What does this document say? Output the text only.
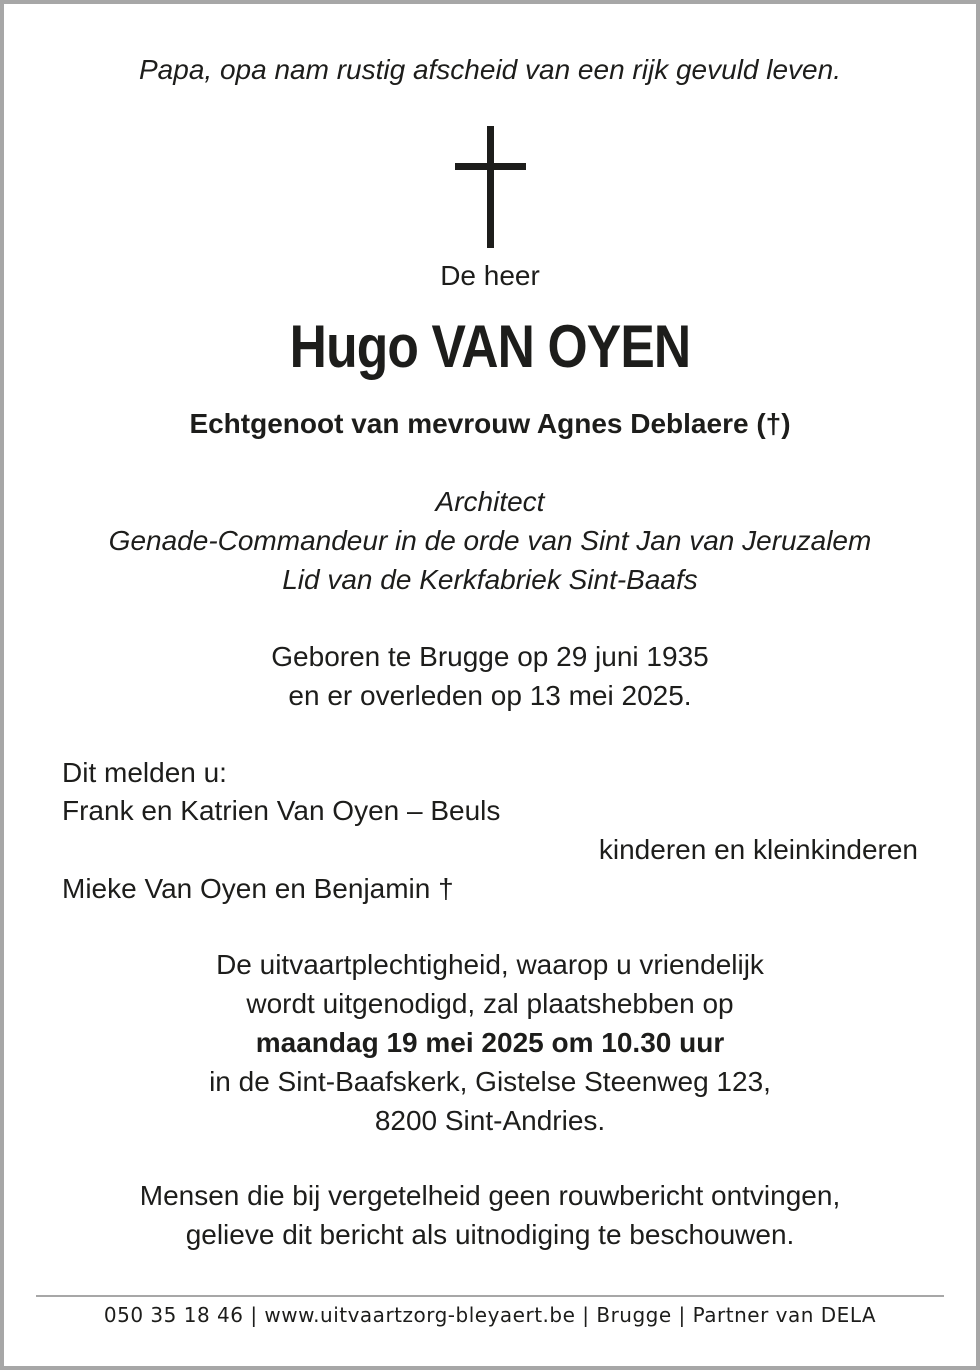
Papa, opa nam rustig afscheid van een rijk gevuld leven.
De heer
Hugo VAN OYEN
Echtgenoot van mevrouw Agnes Deblaere (†)
Architect
Genade-Commandeur in de orde van Sint Jan van Jeruzalem
Lid van de Kerkfabriek Sint-Baafs
Geboren te Brugge op 29 juni 1935
en er overleden op 13 mei 2025.
Dit melden u:
Frank en Katrien Van Oyen – Beuls
kinderen en kleinkinderen
Mieke Van Oyen en Benjamin †
De uitvaartplechtigheid, waarop u vriendelijk
wordt uitgenodigd, zal plaatshebben op
maandag 19 mei 2025 om 10.30 uur
in de Sint-Baafskerk, Gistelse Steenweg 123,
8200 Sint-Andries.
Mensen die bij vergetelheid geen rouwbericht ontvingen,
gelieve dit bericht als uitnodiging te beschouwen.
050 35 18 46 | www.uitvaartzorg-bleyaert.be | Brugge | Partner van DELA
